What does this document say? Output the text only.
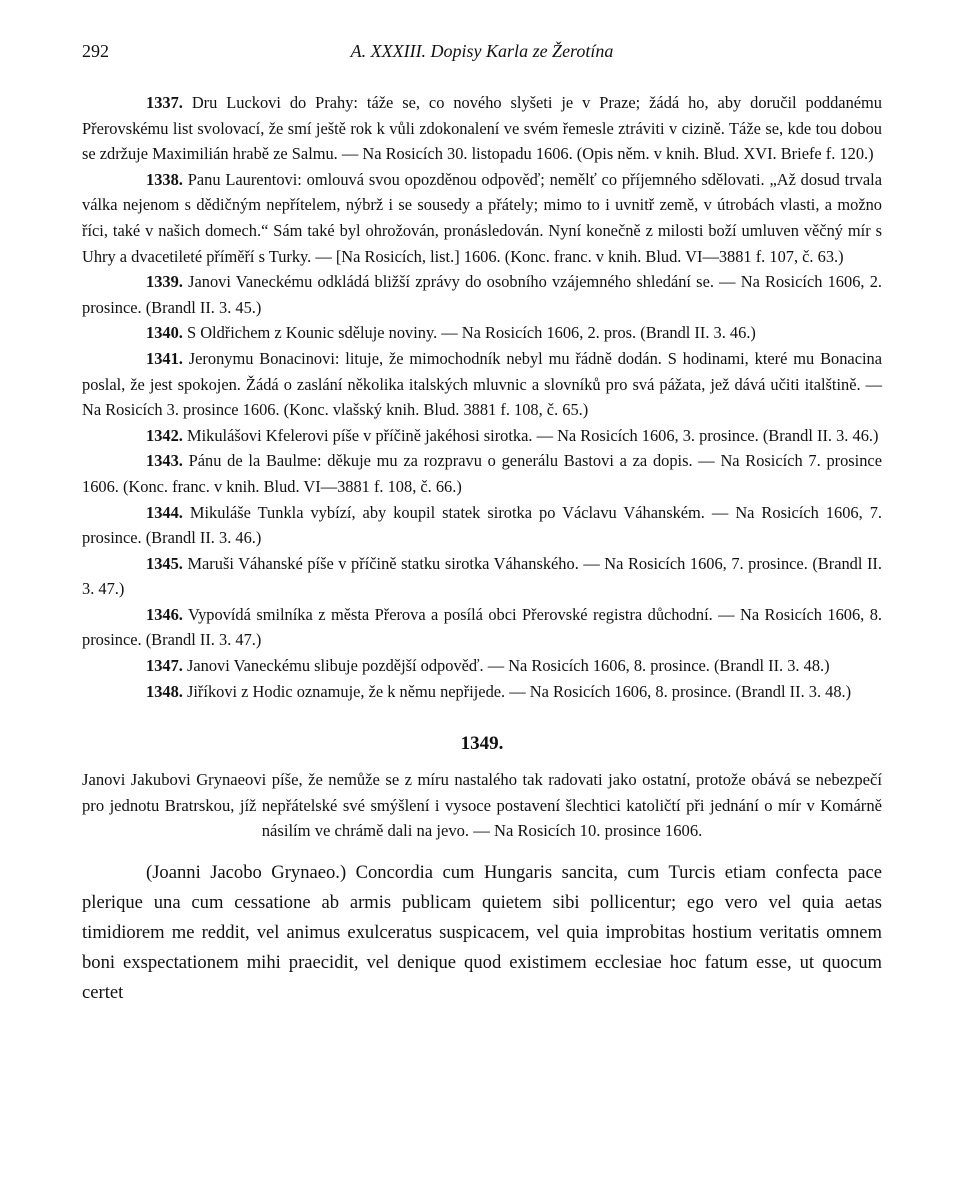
292	A. XXXIII. Dopisy Karla ze Žerotína

1337. Dru Luckovi do Prahy: táže se, co nového slyšeti je v Praze; žádá ho, aby doručil poddanému Přerovskému list svolovací, že smí ještě rok k vůli zdokonalení ve svém řemesle ztráviti v cizině. Táže se, kde tou dobou se zdržuje Maximilián hrabě ze Salmu. — Na Rosicích 30. listopadu 1606. (Opis něm. v knih. Blud. XVI. Briefe f. 120.)

1338. Panu Laurentovi: omlouvá svou opozděnou odpověď; nemělť co příjemného sdělovati. „Až dosud trvala válka nejenom s dědičným nepřítelem, nýbrž i se sousedy a přátely; mimo to i uvnitř země, v útrobách vlasti, a možno říci, také v našich domech.“ Sám také byl ohrožován, pronásledován. Nyní konečně z milosti boží umluven věčný mír s Uhry a dvacetileté příměří s Turky. — [Na Rosicích, list.] 1606. (Konc. franc. v knih. Blud. VI—3881 f. 107, č. 63.)

1339. Janovi Vaneckému odkládá bližší zprávy do osobního vzájemného shledání se. — Na Rosicích 1606, 2. prosince. (Brandl II. 3. 45.)

1340. S Oldřichem z Kounic sděluje noviny. — Na Rosicích 1606, 2. pros. (Brandl II. 3. 46.)

1341. Jeronymu Bonacinovi: lituje, že mimochodník nebyl mu řádně dodán. S hodinami, které mu Bonacina poslal, že jest spokojen. Žádá o zaslání několika italských mluvnic a slovníků pro svá pážata, jež dává učiti italštině. — Na Rosicích 3. prosince 1606. (Konc. vlašský knih. Blud. 3881 f. 108, č. 65.)

1342. Mikulášovi Kfelerovi píše v příčině jakéhosi sirotka. — Na Rosicích 1606, 3. prosince. (Brandl II. 3. 46.)

1343. Pánu de la Baulme: děkuje mu za rozpravu o generálu Bastovi a za dopis. — Na Rosicích 7. prosince 1606. (Konc. franc. v knih. Blud. VI—3881 f. 108, č. 66.)

1344. Mikuláše Tunkla vybízí, aby koupil statek sirotka po Václavu Váhanském. — Na Rosicích 1606, 7. prosince. (Brandl II. 3. 46.)

1345. Maruši Váhanské píše v příčině statku sirotka Váhanského. — Na Rosicích 1606, 7. prosince. (Brandl II. 3. 47.)

1346. Vypovídá smilníka z města Přerova a posílá obci Přerovské registra důchodní. — Na Rosicích 1606, 8. prosince. (Brandl II. 3. 47.)

1347. Janovi Vaneckému slibuje pozdější odpověď. — Na Rosicích 1606, 8. prosince. (Brandl II. 3. 48.)

1348. Jiříkovi z Hodic oznamuje, že k němu nepřijede. — Na Rosicích 1606, 8. prosince. (Brandl II. 3. 48.)

1349.
Janovi Jakubovi Grynaeovi píše, že nemůže se z míru nastalého tak radovati jako ostatní, protože obává se nebezpečí pro jednotu Bratrskou, jíž nepřátelské své smýšlení i vysoce postavení šlechtici katoličtí při jednání o mír v Komárně násilím ve chrámě dali na jevo. — Na Rosicích 10. prosince 1606.
(Joanni Jacobo Grynaeo.) Concordia cum Hungaris sancita, cum Turcis etiam confecta pace plerique una cum cessatione ab armis publicam quietem sibi pollicentur; ego vero vel quia aetas timidiorem me reddit, vel animus exulceratus suspicacem, vel quia improbitas hostium veritatis omnem boni exspectationem mihi praecidit, vel denique quod existimem ecclesiae hoc fatum esse, ut quocum certet
